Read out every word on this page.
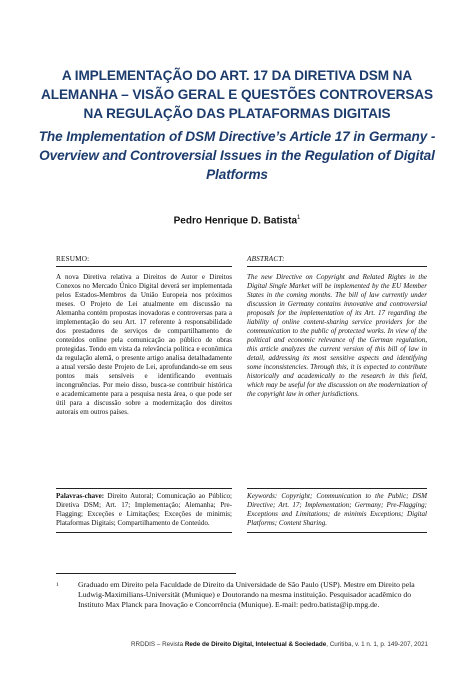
A IMPLEMENTAÇÃO DO ART. 17 DA DIRETIVA DSM NA ALEMANHA – VISÃO GERAL E QUESTÕES CONTROVERSAS NA REGULAÇÃO DAS PLATAFORMAS DIGITAIS
The Implementation of DSM Directive’s Article 17 in Germany - Overview and Controversial Issues in the Regulation of Digital Platforms
Pedro Henrique D. Batista$^1$
RESUMO:
A nova Diretiva relativa a Direitos de Autor e Direitos Conexos no Mercado Único Digital deverá ser implementada pelos Estados-Membros da União Europeia nos próximos meses. O Projeto de Lei atualmente em discussão na Alemanha contém propostas inovadoras e controversas para a implementação do seu Art. 17 referente à responsabilidade dos prestadores de serviços de compartilhamento de conteúdos online pela comunicação ao público de obras protegidas. Tendo em vista da relevância política e econômica da regulação alemã, o presente artigo analisa detalhadamente a atual versão deste Projeto de Lei, aprofundando-se em seus pontos mais sensíveis e identificando eventuais incongruências. Por meio disso, busca-se contribuir histórica e academicamente para a pesquisa nesta área, o que pode ser útil para a discussão sobre a modernização dos direitos autorais em outros países.
Palavras-chave: Direito Autoral; Comunicação ao Público; Diretiva DSM; Art. 17; Implementação; Alemanha; Pre-Flagging; Exceções e Limitações; Exceções de minimis; Plataformas Digitais; Compartilhamento de Conteúdo.
ABSTRACT:
The new Directive on Copyright and Related Rights in the Digital Single Market will be implemented by the EU Member States in the coming months. The bill of law currently under discussion in Germany contains innovative and controversial proposals for the implementation of its Art. 17 regarding the liability of online content-sharing service providers for the communication to the public of protected works. In view of the political and economic relevance of the German regulation, this article analyzes the current version of this bill of law in detail, addressing its most sensitive aspects and identifying some inconsistencies. Through this, it is expected to contribute historically and academically to the research in this field, which may be useful for the discussion on the modernization of the copyright law in other jurisdictions.
Keywords: Copyright; Communication to the Public; DSM Directive; Art. 17; Implementation; Germany; Pre-Flagging; Exceptions and Limitations; de minimis Exceptions; Digital Platforms; Content Sharing.
1	Graduado em Direito pela Faculdade de Direito da Universidade de São Paulo (USP). Mestre em Direito pela Ludwig-Maximilians-Universität (Munique) e Doutorando na mesma instituição. Pesquisador acadêmico do Instituto Max Planck para Inovação e Concorrência (Munique). E-mail: pedro.batista@ip.mpg.de.
RRDDIS – Revista Rede de Direito Digital, Intelectual & Sociedade, Curitiba, v. 1 n. 1, p. 149-207, 2021
